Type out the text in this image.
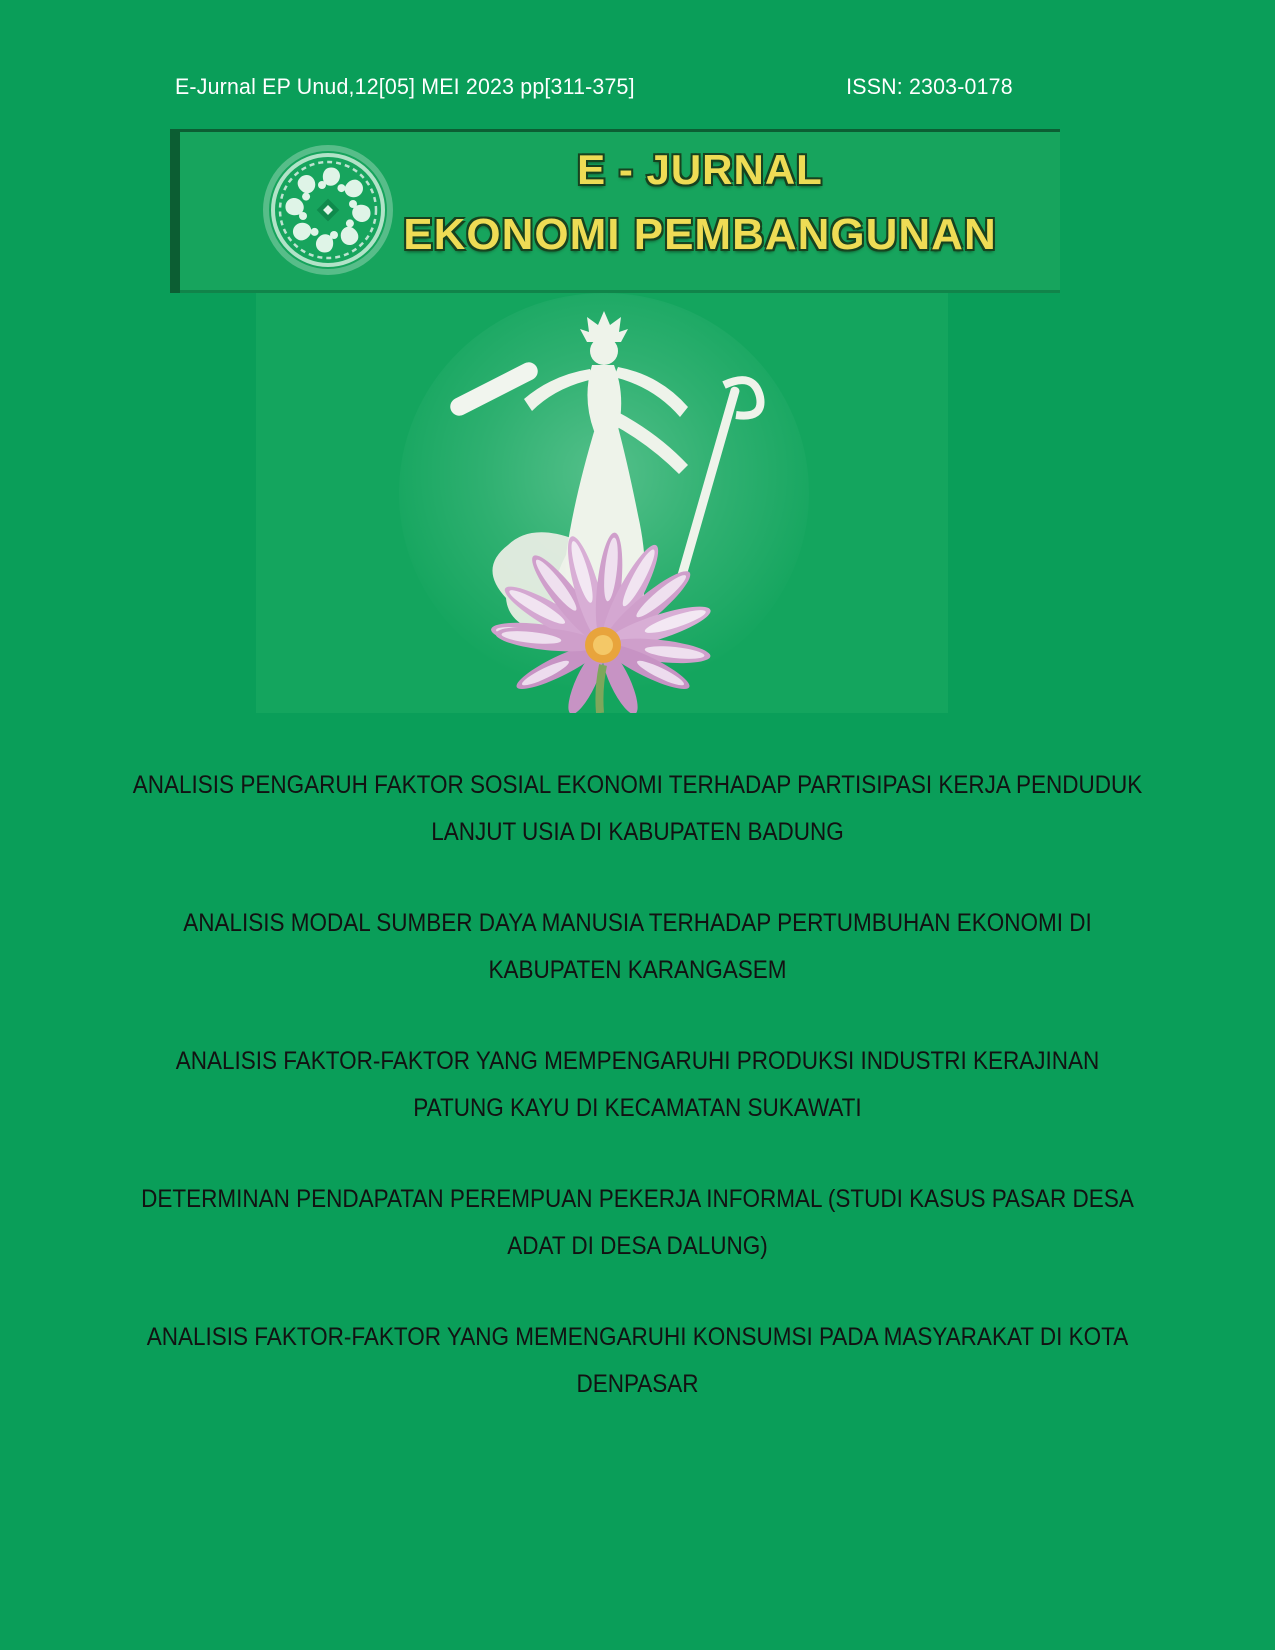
E-Jurnal EP Unud,12[05] MEI 2023 pp[311-375]	ISSN: 2303-0178
E - JURNAL
EKONOMI PEMBANGUNAN
ANALISIS PENGARUH FAKTOR SOSIAL EKONOMI TERHADAP PARTISIPASI KERJA PENDUDUK
LANJUT USIA DI KABUPATEN BADUNG
ANALISIS MODAL SUMBER DAYA MANUSIA TERHADAP PERTUMBUHAN EKONOMI DI
KABUPATEN KARANGASEM
ANALISIS FAKTOR-FAKTOR YANG MEMPENGARUHI PRODUKSI INDUSTRI KERAJINAN
PATUNG KAYU DI KECAMATAN SUKAWATI
DETERMINAN PENDAPATAN PEREMPUAN PEKERJA INFORMAL (STUDI KASUS PASAR DESA
ADAT DI DESA DALUNG)
ANALISIS FAKTOR-FAKTOR YANG MEMENGARUHI KONSUMSI PADA MASYARAKAT DI KOTA
DENPASAR
